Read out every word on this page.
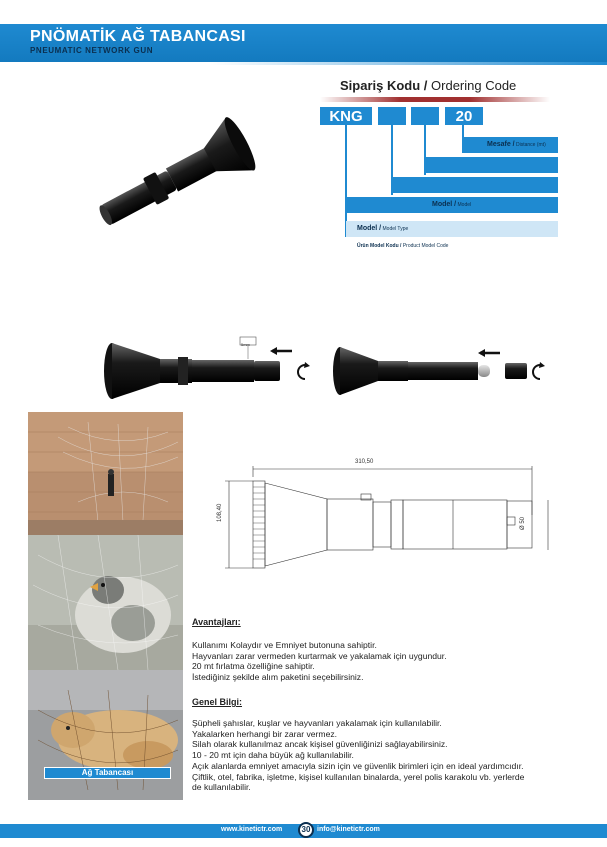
PNÖMATİK AĞ TABANCASI
PNEUMATIC NETWORK GUN
Sipariş Kodu / Ordering Code
KNG	20
Mesafe / Distance (mt)
Model / Model
Model / Model Type
Ürün Model Kodu / Product Model Code
5mm
Ağ Tabancası
310,50
108,40
Ø 50
Avantajları:
Kullanımı Kolaydır ve Emniyet butonuna sahiptir.
Hayvanları zarar vermeden kurtarmak ve yakalamak için uygundur.
20 mt fırlatma özelliğine sahiptir.
İstediğiniz şekilde alım paketini seçebilirsiniz.
Genel Bilgi:
Şüpheli şahıslar, kuşlar ve hayvanları yakalamak için kullanılabilir.
Yakalarken herhangi bir zarar vermez.
Silah olarak kullanılmaz ancak kişisel güvenliğinizi sağlayabilirsiniz.
10 - 20 mt için daha büyük ağ kullanılabilir.
Açık alanlarda emniyet amacıyla sizin için ve güvenlik birimleri için en ideal yardımcıdır.
Çiftlik, otel, fabrika, işletme, kişisel kullanılan binalarda, yerel polis karakolu vb. yerlerde
de kullanılabilir.
www.kinetictr.com	30 info@kinetictr.com
